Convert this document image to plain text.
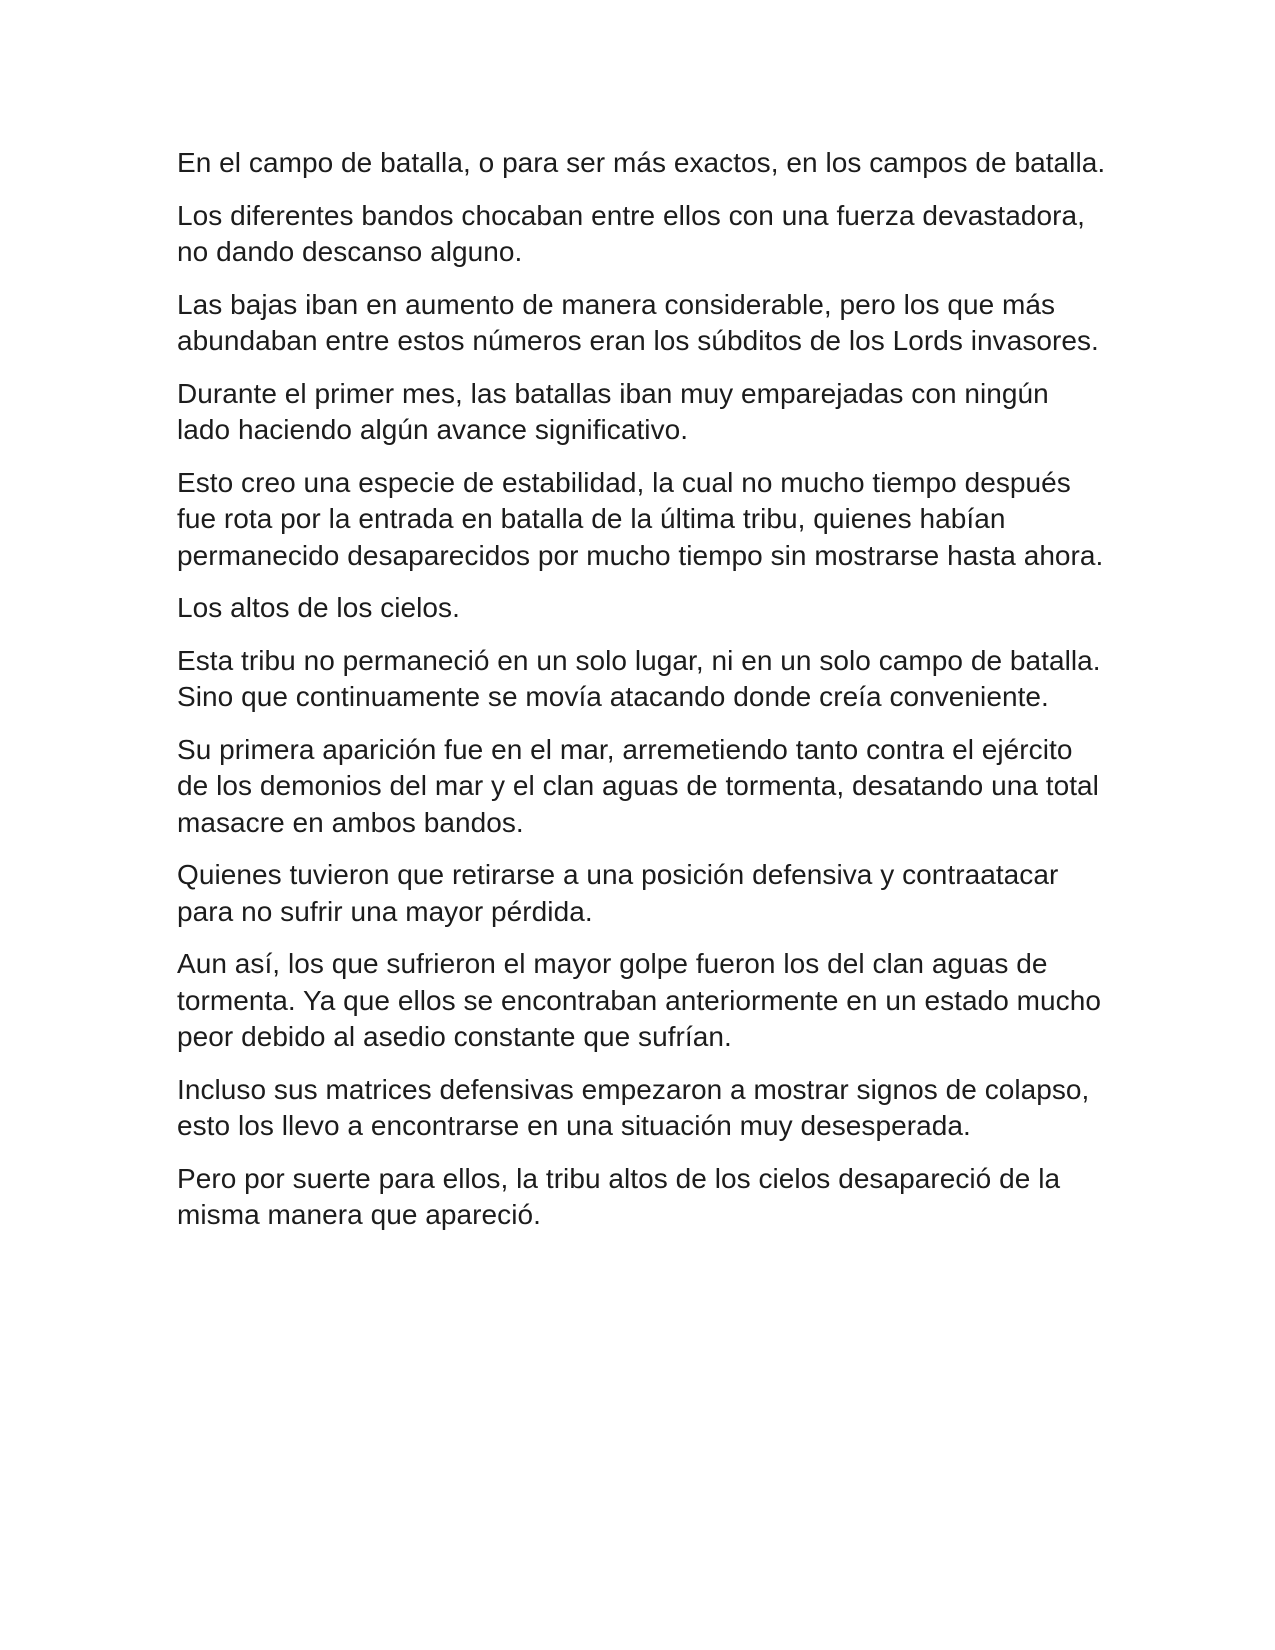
En el campo de batalla, o para ser más exactos, en los campos de batalla.

Los diferentes bandos chocaban entre ellos con una fuerza devastadora, no dando descanso alguno.

Las bajas iban en aumento de manera considerable, pero los que más abundaban entre estos números eran los súbditos de los Lords invasores.

Durante el primer mes, las batallas iban muy emparejadas con ningún lado haciendo algún avance significativo.

Esto creo una especie de estabilidad, la cual no mucho tiempo después fue rota por la entrada en batalla de la última tribu, quienes habían permanecido desaparecidos por mucho tiempo sin mostrarse hasta ahora.

Los altos de los cielos.

Esta tribu no permaneció en un solo lugar, ni en un solo campo de batalla. Sino que continuamente se movía atacando donde creía conveniente.

Su primera aparición fue en el mar, arremetiendo tanto contra el ejército de los demonios del mar y el clan aguas de tormenta, desatando una total masacre en ambos bandos.

Quienes tuvieron que retirarse a una posición defensiva y contraatacar para no sufrir una mayor pérdida.

Aun así, los que sufrieron el mayor golpe fueron los del clan aguas de tormenta. Ya que ellos se encontraban anteriormente en un estado mucho peor debido al asedio constante que sufrían.

Incluso sus matrices defensivas empezaron a mostrar signos de colapso, esto los llevo a encontrarse en una situación muy desesperada.

Pero por suerte para ellos, la tribu altos de los cielos desapareció de la misma manera que apareció.
